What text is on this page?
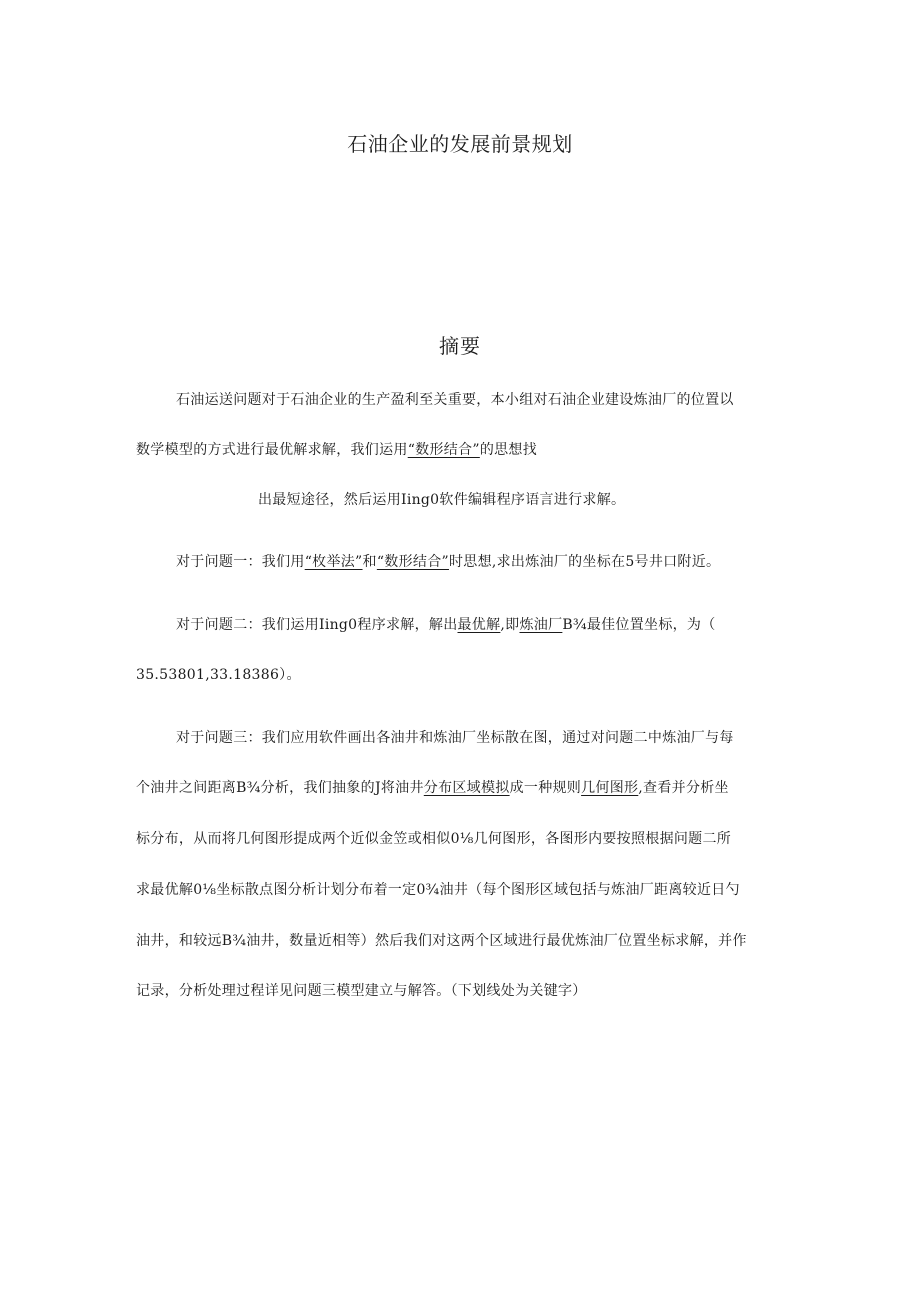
石油企业的发展前景规划
摘要
石油运送问题对于石油企业的生产盈利至关重要，本小组对石油企业建设炼油厂的位置以
数学模型的方式进行最优解求解，我们运用“数形结合”的思想找
出最短途径，然后运用Iing0软件编辑程序语言进行求解。
对于问题一：我们用“枚举法”和“数形结合”时思想,求出炼油厂的坐标在5号井口附近。
对于问题二：我们运用Iing0程序求解，解出最优解,即炼油厂B¾最佳位置坐标，为（
35.53801,33.18386）。
对于问题三：我们应用软件画出各油井和炼油厂坐标散在图，通过对问题二中炼油厂与每
个油井之间距离B¾分析，我们抽象的J将油井分布区域模拟成一种规则几何图形,查看并分析坐
标分布，从而将几何图形提成两个近似金笠或相似0⅛几何图形，各图形内要按照根据问题二所
求最优解0⅛坐标散点图分析计划分布着一定0¾油井（每个图形区域包括与炼油厂距离较近日勺
油井，和较远B¾油井，数量近相等）然后我们对这两个区域进行最优炼油厂位置坐标求解，并作
记录，分析处理过程详见问题三模型建立与解答。（下划线处为关键字）
